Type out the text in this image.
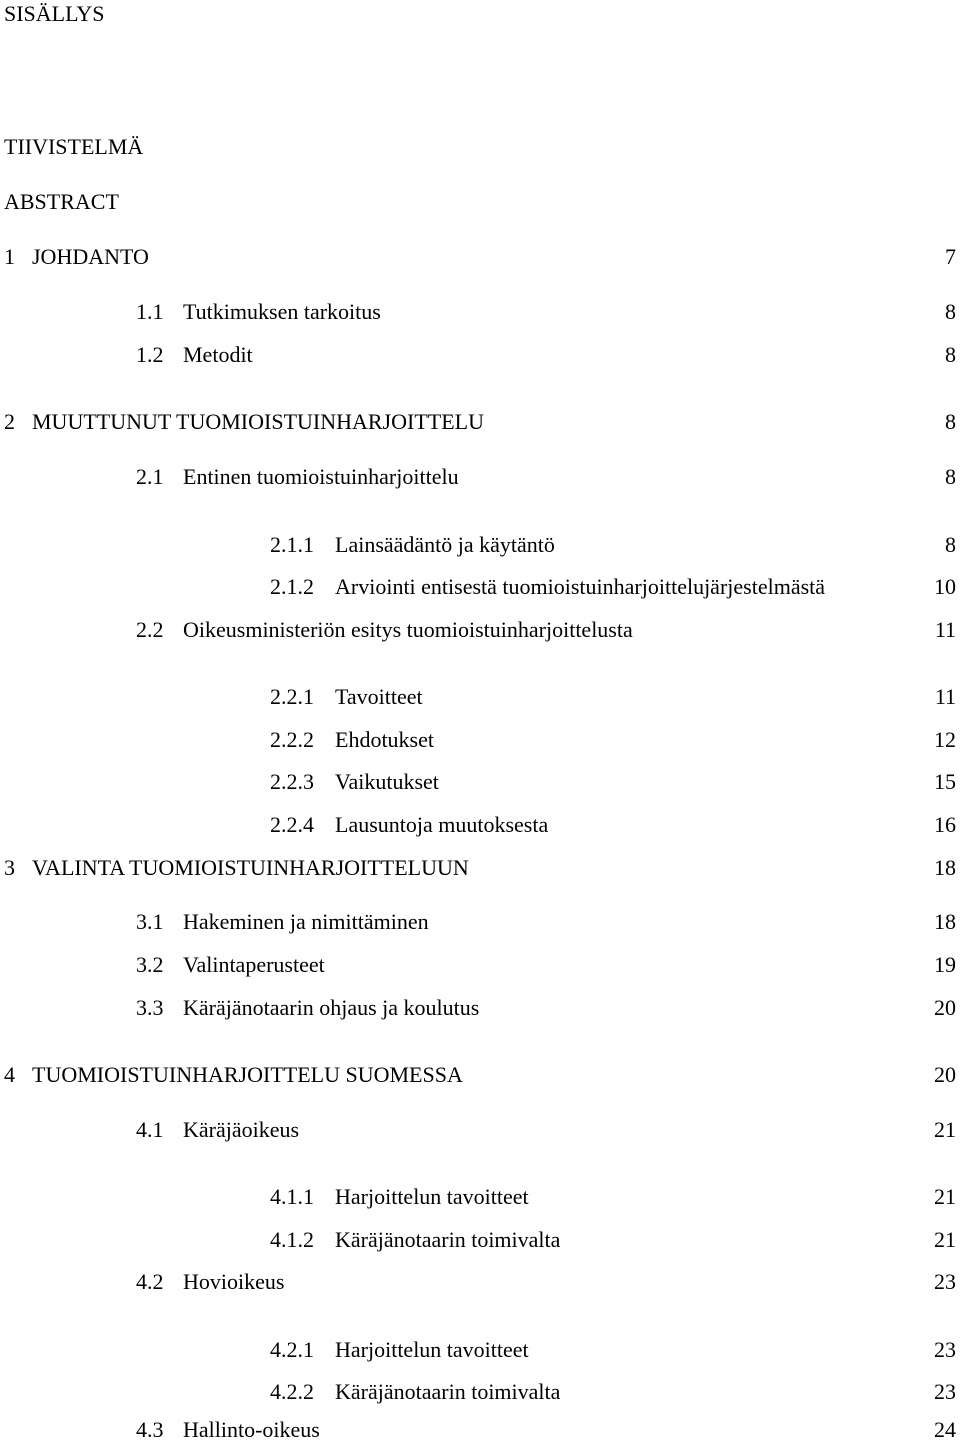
SISÄLLYS
TIIVISTELMÄ
ABSTRACT
1 JOHDANTO	7
1.1 Tutkimuksen tarkoitus	8
1.2 Metodit	8
2 MUUTTUNUT TUOMIOISTUINHARJOITTELU	8
2.1 Entinen tuomioistuinharjoittelu	8
2.1.1 Lainsäädäntö ja käytäntö	8
2.1.2 Arviointi entisestä tuomioistuinharjoittelujärjestelmästä	10
2.2 Oikeusministeriön esitys tuomioistuinharjoittelusta	11
2.2.1 Tavoitteet	11
2.2.2 Ehdotukset	12
2.2.3 Vaikutukset	15
2.2.4 Lausuntoja muutoksesta	16
3 VALINTA TUOMIOISTUINHARJOITTELUUN	18
3.1 Hakeminen ja nimittäminen	18
3.2 Valintaperusteet	19
3.3 Käräjänotaarin ohjaus ja koulutus	20
4 TUOMIOISTUINHARJOITTELU SUOMESSA	20
4.1 Käräjäoikeus	21
4.1.1 Harjoittelun tavoitteet	21
4.1.2 Käräjänotaarin toimivalta	21
4.2 Hovioikeus	23
4.2.1 Harjoittelun tavoitteet	23
4.2.2 Käräjänotaarin toimivalta	23
4.3 Hallinto-oikeus	24
